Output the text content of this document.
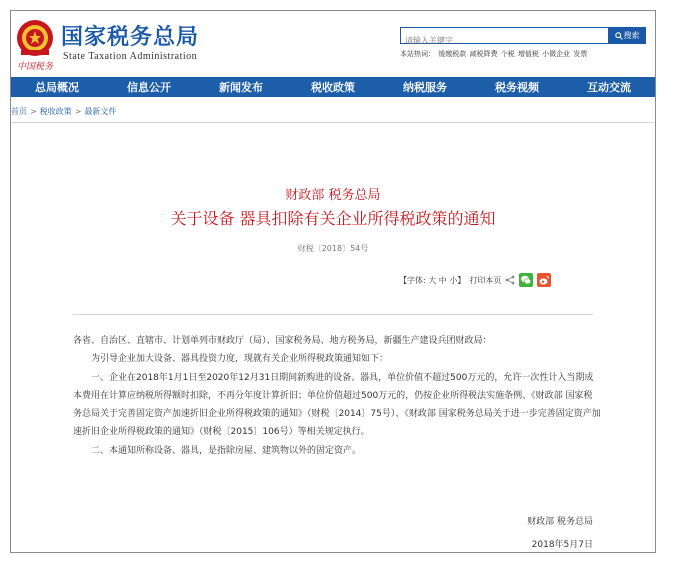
中国税务
国家税务总局
State Taxation Administration
请输入关键字
搜索
本站热词： 缓缴税款 减税降费 个税 增值税 小微企业 发票
总局概况	信息公开	新闻发布	税收政策	纳税服务	税务视频	互动交流
首页 > 税收政策 > 最新文件
财政部 税务总局
关于设备 器具扣除有关企业所得税政策的通知
财税〔2018〕54号
【字体: 大 中 小】 打印本页

各省、自治区、直辖市、计划单列市财政厅（局）、国家税务局、地方税务局，新疆生产建设兵团财政局：

为引导企业加大设备、器具投资力度，现就有关企业所得税政策通知如下：

一、企业在2018年1月1日至2020年12月31日期间新购进的设备、器具，单位价值不超过500万元的，允许一次性计入当期成本费用在计算应纳税所得额时扣除，不再分年度计算折旧；单位价值超过500万元的，仍按企业所得税法实施条例、《财政部 国家税务总局关于完善固定资产加速折旧企业所得税政策的通知》（财税〔2014〕75号）、《财政部 国家税务总局关于进一步完善固定资产加速折旧企业所得税政策的通知》（财税〔2015〕106号）等相关规定执行。

二、本通知所称设备、器具，是指除房屋、建筑物以外的固定资产。

财政部 税务总局
2018年5月7日
